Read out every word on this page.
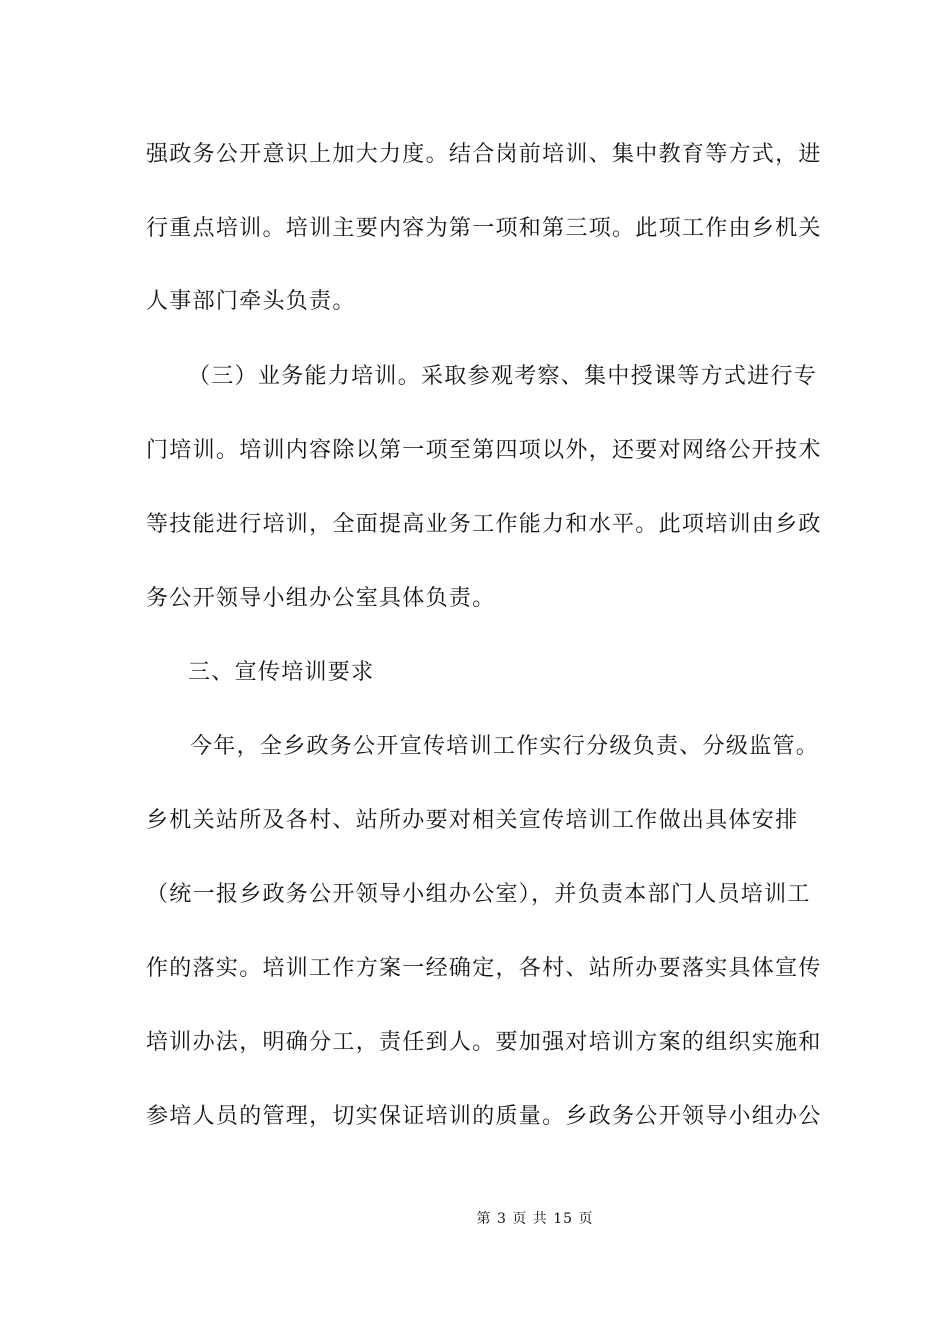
强政务公开意识上加大力度。结合岗前培训、集中教育等方式，进
行重点培训。培训主要内容为第一项和第三项。此项工作由乡机关
人事部门牵头负责。
（三）业务能力培训。采取参观考察、集中授课等方式进行专
门培训。培训内容除以第一项至第四项以外，还要对网络公开技术
等技能进行培训，全面提高业务工作能力和水平。此项培训由乡政
务公开领导小组办公室具体负责。
三、宣传培训要求
今年，全乡政务公开宣传培训工作实行分级负责、分级监管。
乡机关站所及各村、站所办要对相关宣传培训工作做出具体安排
（统一报乡政务公开领导小组办公室），并负责本部门人员培训工
作的落实。培训工作方案一经确定，各村、站所办要落实具体宣传
培训办法，明确分工，责任到人。要加强对培训方案的组织实施和
参培人员的管理，切实保证培训的质量。乡政务公开领导小组办公
第 3 页 共 15 页
